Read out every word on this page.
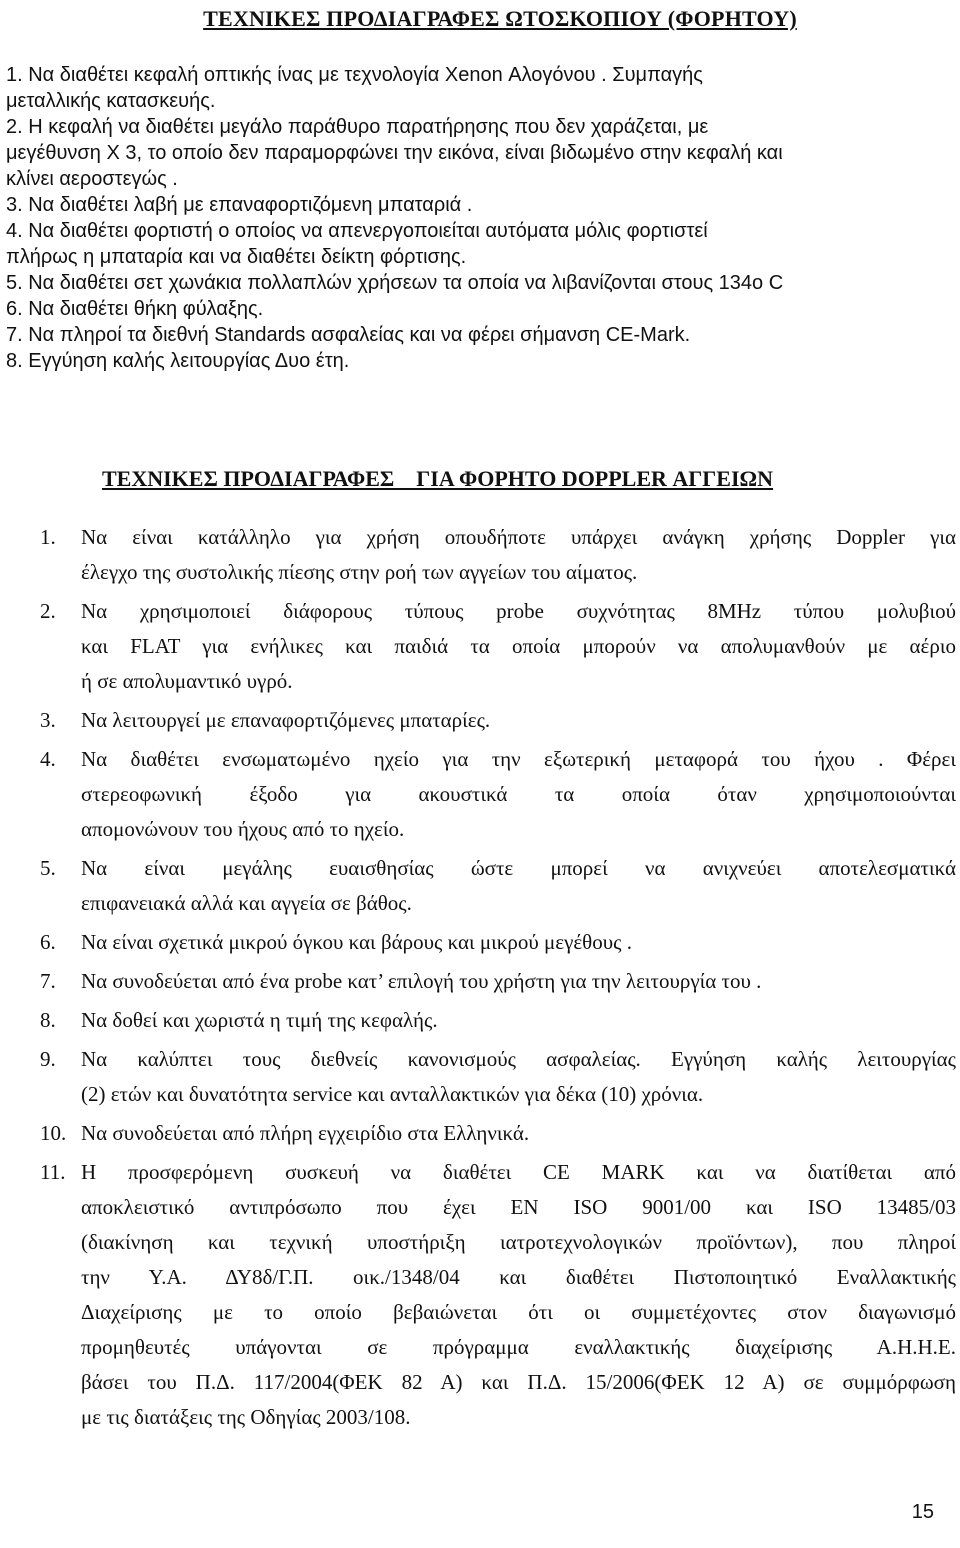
ΤΕΧΝΙΚΕΣ ΠΡΟΔΙΑΓΡΑΦΕΣ ΩΤΟΣΚΟΠΙΟΥ (ΦΟΡΗΤΟΥ)
1. Να διαθέτει κεφαλή οπτικής ίνας με τεχνολογία Xenon Αλογόνου . Συμπαγής
μεταλλικής κατασκευής.
2. Η κεφαλή να διαθέτει μεγάλο παράθυρο παρατήρησης που δεν χαράζεται, με
μεγέθυνση Χ 3, το οποίο δεν παραμορφώνει την εικόνα, είναι βιδωμένο στην κεφαλή και
κλίνει αεροστεγώς .
3. Να διαθέτει λαβή με επαναφορτιζόμενη μπαταριά .
4. Να διαθέτει φορτιστή ο οποίος να απενεργοποιείται αυτόματα μόλις φορτιστεί
πλήρως η μπαταρία και να διαθέτει δείκτη φόρτισης.
5. Να διαθέτει σετ χωνάκια πολλαπλών χρήσεων τα οποία να λιβανίζονται στους 134ο C
6. Να διαθέτει θήκη φύλαξης.
7. Να πληροί τα διεθνή Standards ασφαλείας και να φέρει σήμανση CE-Mark.
8. Εγγύηση καλής λειτουργίας Δυο έτη.
ΤΕΧΝΙΚΕΣ ΠΡΟΔΙΑΓΡΑΦΕΣ    ΓΙΑ ΦΟΡΗΤΟ DOPPLER ΑΓΓΕΙΩΝ
1.	Να είναι κατάλληλο για χρήση οπουδήποτε υπάρχει ανάγκη χρήσης Doppler για
έλεγχο της συστολικής πίεσης στην ροή των αγγείων του αίματος.
2.	Να χρησιμοποιεί διάφορους τύπους probe συχνότητας 8MHz τύπου μολυβιού
και FLAT για ενήλικες και παιδιά τα οποία μπορούν να απολυμανθούν με αέριο
ή σε απολυμαντικό υγρό.
3.	Να λειτουργεί με επαναφορτιζόμενες μπαταρίες.
4.	Να διαθέτει ενσωματωμένο ηχείο για την εξωτερική μεταφορά του ήχου . Φέρει
στερεοφωνική έξοδο για ακουστικά τα οποία όταν χρησιμοποιούνται
απομονώνουν του ήχους από το ηχείο.
5.	Να είναι μεγάλης ευαισθησίας ώστε μπορεί να ανιχνεύει αποτελεσματικά
επιφανειακά αλλά και αγγεία σε βάθος.
6.	Να είναι σχετικά μικρού όγκου και βάρους και μικρού μεγέθους .
7.	Να συνοδεύεται από ένα probe κατ’ επιλογή του χρήστη για την λειτουργία του .
8.	Να δοθεί και χωριστά η τιμή της κεφαλής.
9.	Να καλύπτει τους διεθνείς κανονισμούς ασφαλείας. Εγγύηση καλής λειτουργίας
(2) ετών και δυνατότητα service και ανταλλακτικών για δέκα (10) χρόνια.
10. Να συνοδεύεται από πλήρη εγχειρίδιο στα Ελληνικά.
11. Η προσφερόμενη συσκευή να διαθέτει CE MARK και να διατίθεται από
αποκλειστικό αντιπρόσωπο που έχει EN ISO 9001/00 και ISO 13485/03
(διακίνηση και τεχνική υποστήριξη ιατροτεχνολογικών προϊόντων), που πληροί
την Υ.Α. ΔΥ8δ/Γ.Π. οικ./1348/04 και διαθέτει Πιστοποιητικό Εναλλακτικής
Διαχείρισης με το οποίο βεβαιώνεται ότι οι συμμετέχοντες στον διαγωνισμό
προμηθευτές υπάγονται σε πρόγραμμα εναλλακτικής διαχείρισης Α.Η.Η.Ε.
βάσει του Π.Δ. 117/2004(ΦΕΚ 82 Α) και Π.Δ. 15/2006(ΦΕΚ 12 Α) σε συμμόρφωση
με τις διατάξεις της Οδηγίας 2003/108.
15
